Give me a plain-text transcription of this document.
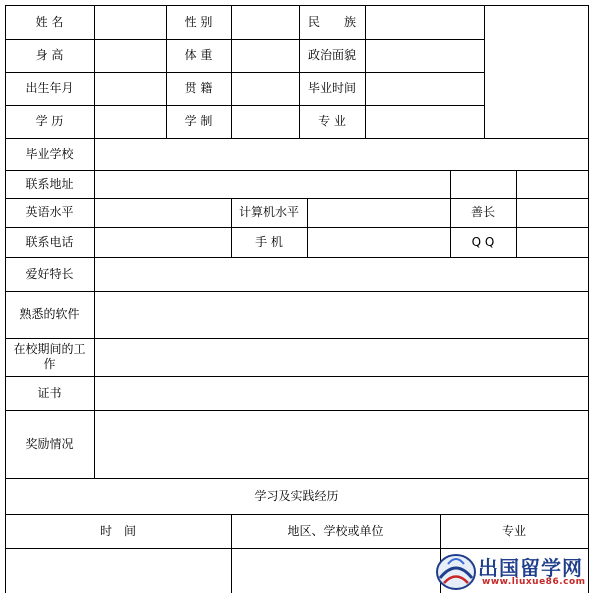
姓 名	性 别	民　　族
身 高	体 重	政治面貌
出生年月	贯 籍	毕业时间
学 历	学 制	专 业
毕业学校
联系地址
英语水平	计算机水平	善长
联系电话	手 机	Q Q
爱好特长
熟悉的软件
在校期间的工
作
证书
奖励情况
学习及实践经历
时　间	地区、学校或单位	专业
出国留学网
www.liuxue86.com
